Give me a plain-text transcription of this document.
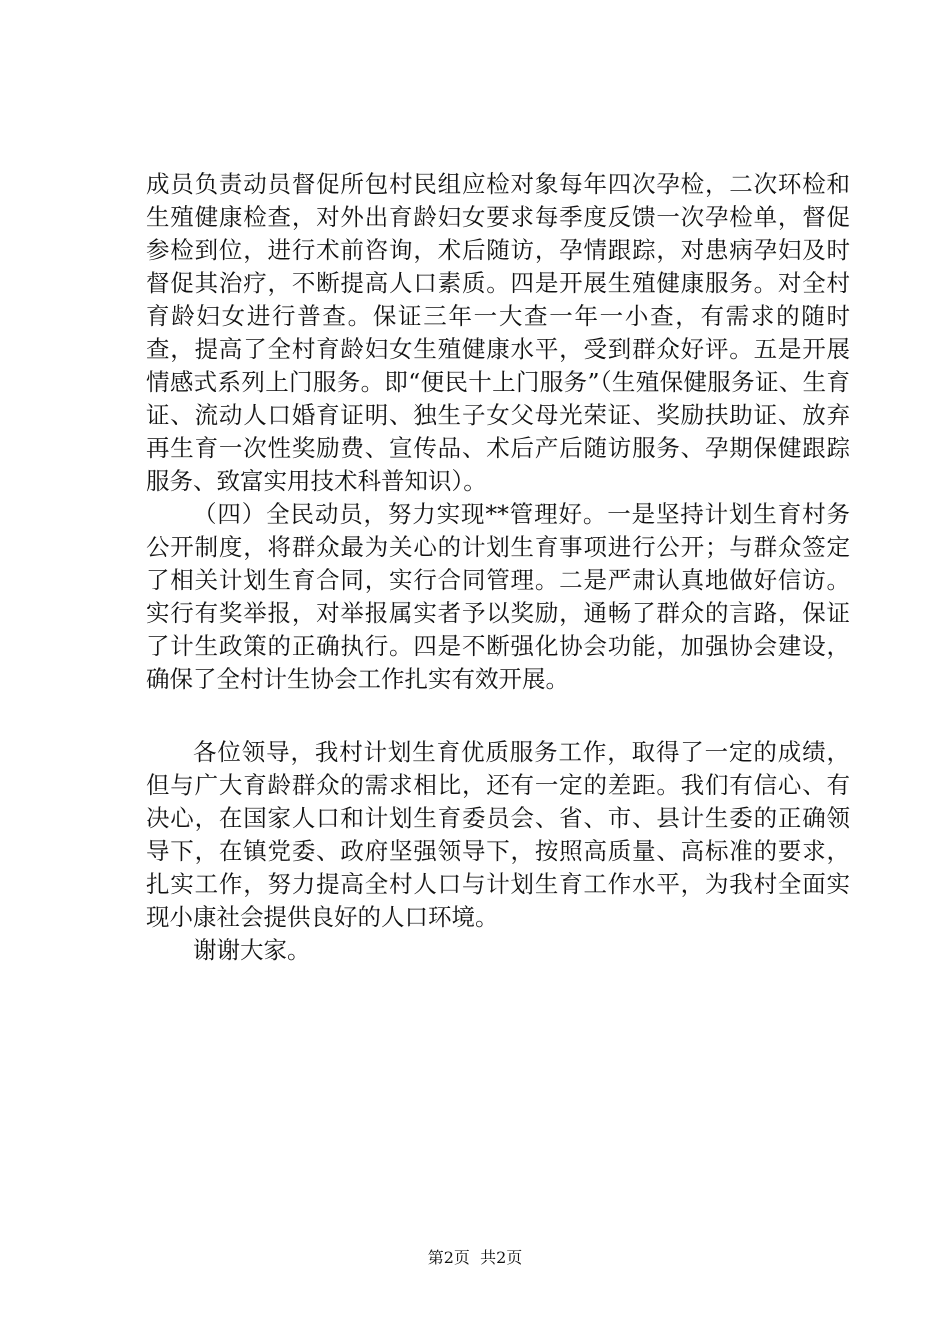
成员负责动员督促所包村民组应检对象每年四次孕检，二次环检和生殖健康检查，对外出育龄妇女要求每季度反馈一次孕检单，督促参检到位，进行术前咨询，术后随访，孕情跟踪，对患病孕妇及时督促其治疗，不断提高人口素质。四是开展生殖健康服务。对全村育龄妇女进行普查。保证三年一大查一年一小查，有需求的随时查，提高了全村育龄妇女生殖健康水平，受到群众好评。五是开展情感式系列上门服务。即“便民十上门服务”（生殖保健服务证、生育证、流动人口婚育证明、独生子女父母光荣证、奖励扶助证、放弃再生育一次性奖励费、宣传品、术后产后随访服务、孕期保健跟踪服务、致富实用技术科普知识）。

（四）全民动员，努力实现**管理好。一是坚持计划生育村务公开制度，将群众最为关心的计划生育事项进行公开；与群众签定了相关计划生育合同，实行合同管理。二是严肃认真地做好信访。实行有奖举报，对举报属实者予以奖励，通畅了群众的言路，保证了计生政策的正确执行。四是不断强化协会功能，加强协会建设，确保了全村计生协会工作扎实有效开展。

各位领导，我村计划生育优质服务工作，取得了一定的成绩，但与广大育龄群众的需求相比，还有一定的差距。我们有信心、有决心，在国家人口和计划生育委员会、省、市、县计生委的正确领导下，在镇党委、政府坚强领导下，按照高质量、高标准的要求，扎实工作，努力提高全村人口与计划生育工作水平，为我村全面实现小康社会提供良好的人口环境。

谢谢大家。

第2页  共2页
